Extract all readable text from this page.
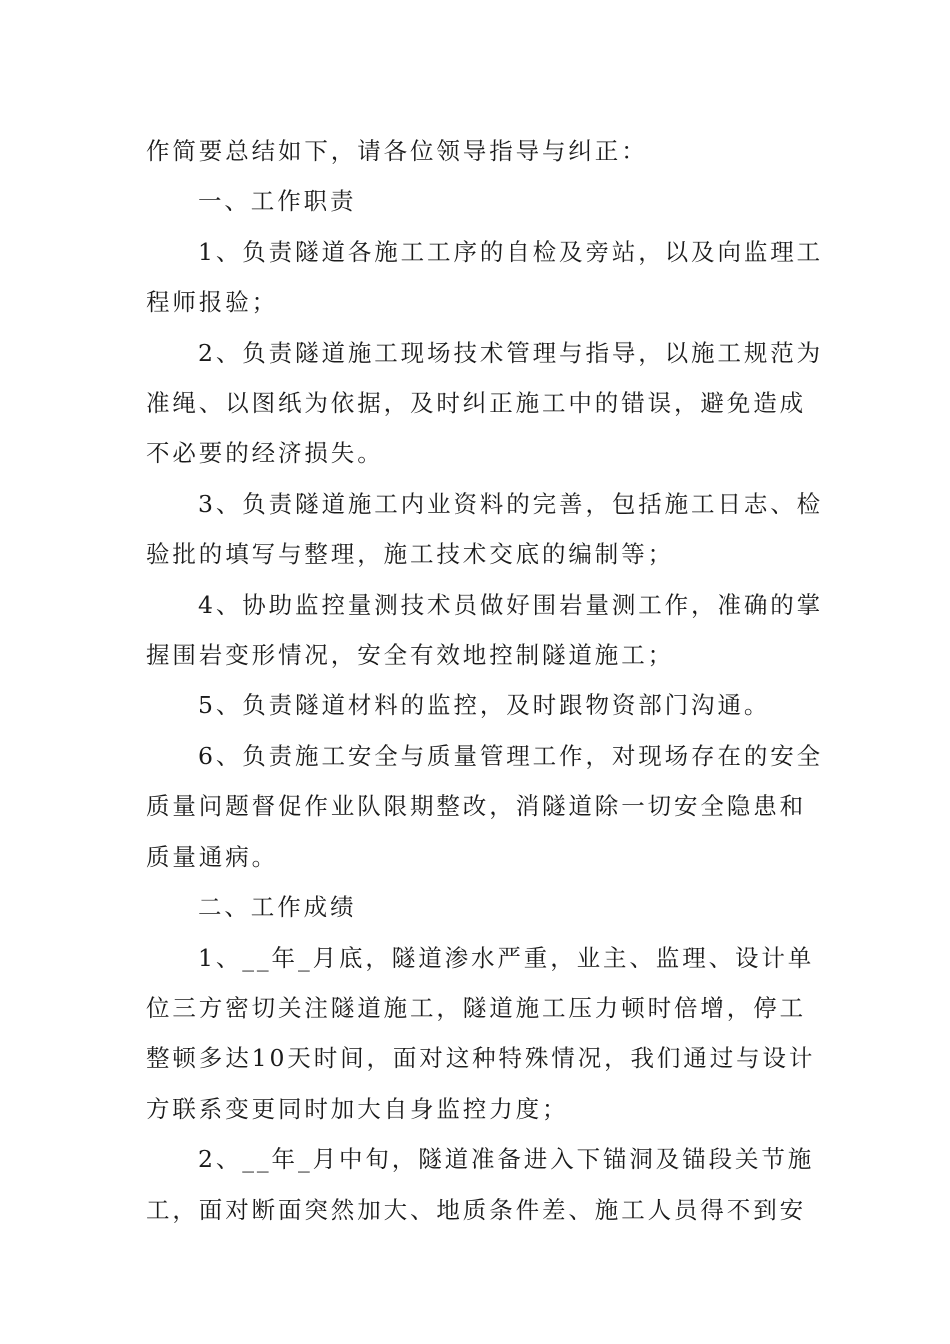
作简要总结如下，请各位领导指导与纠正：

一、工作职责

1、负责隧道各施工工序的自检及旁站，以及向监理工
程师报验；

2、负责隧道施工现场技术管理与指导，以施工规范为
准绳、以图纸为依据，及时纠正施工中的错误，避免造成
不必要的经济损失。

3、负责隧道施工内业资料的完善，包括施工日志、检
验批的填写与整理，施工技术交底的编制等；

4、协助监控量测技术员做好围岩量测工作，准确的掌
握围岩变形情况，安全有效地控制隧道施工；

5、负责隧道材料的监控，及时跟物资部门沟通。

6、负责施工安全与质量管理工作，对现场存在的安全
质量问题督促作业队限期整改，消隧道除一切安全隐患和
质量通病。

二、工作成绩

1、__年_月底，隧道渗水严重，业主、监理、设计单
位三方密切关注隧道施工，隧道施工压力顿时倍增，停工
整顿多达10天时间，面对这种特殊情况，我们通过与设计
方联系变更同时加大自身监控力度；

2、__年_月中旬，隧道准备进入下锚洞及锚段关节施
工，面对断面突然加大、地质条件差、施工人员得不到安
